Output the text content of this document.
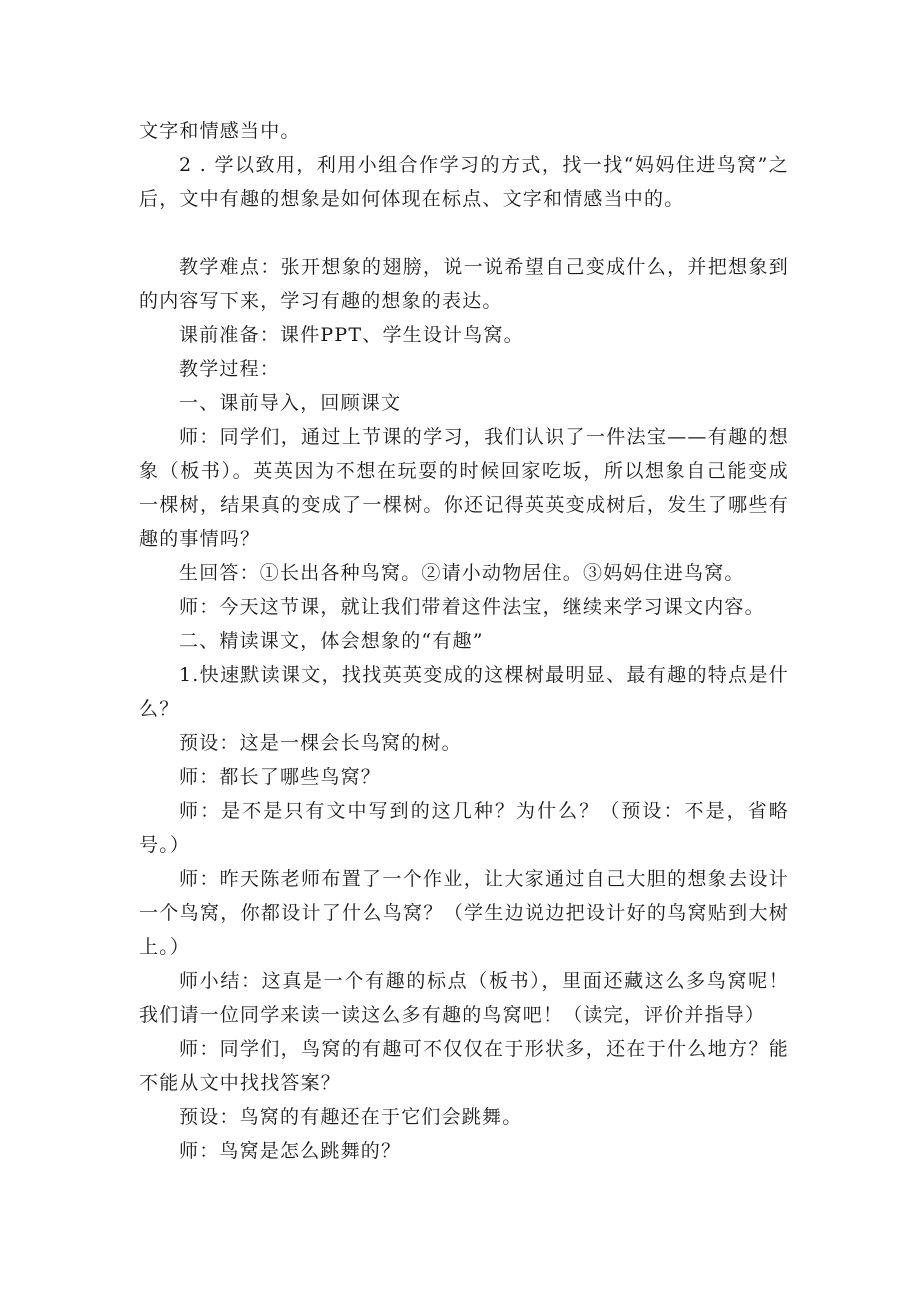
文字和情感当中。

2 . 学以致用，利用小组合作学习的方式，找一找“妈妈住进鸟窝”之后，文中有趣的想象是如何体现在标点、文字和情感当中的。

教学难点：张开想象的翅膀，说一说希望自己变成什么，并把想象到的内容写下来，学习有趣的想象的表达。

课前准备：课件PPT、学生设计鸟窝。

教学过程：

一、课前导入，回顾课文

师：同学们，通过上节课的学习，我们认识了一件法宝——有趣的想象（板书）。英英因为不想在玩耍的时候回家吃坂，所以想象自己能变成一棵树，结果真的变成了一棵树。你还记得英英变成树后，发生了哪些有趣的事情吗？

生回答：①长出各种鸟窝。②请小动物居住。③妈妈住进鸟窝。

师：今天这节课，就让我们带着这件法宝，继续来学习课文内容。

二、精读课文，体会想象的“有趣”

1.快速默读课文，找找英英变成的这棵树最明显、最有趣的特点是什么？

预设：这是一棵会长鸟窝的树。

师：都长了哪些鸟窝？

师：是不是只有文中写到的这几种？为什么？（预设：不是，省略号。）

师：昨天陈老师布置了一个作业，让大家通过自己大胆的想象去设计一个鸟窝，你都设计了什么鸟窝？（学生边说边把设计好的鸟窝贴到大树上。）

师小结：这真是一个有趣的标点（板书），里面还藏这么多鸟窝呢！我们请一位同学来读一读这么多有趣的鸟窝吧！（读完，评价并指导）

师：同学们，鸟窝的有趣可不仅仅在于形状多，还在于什么地方？能不能从文中找找答案？

预设：鸟窝的有趣还在于它们会跳舞。

师：鸟窝是怎么跳舞的？
